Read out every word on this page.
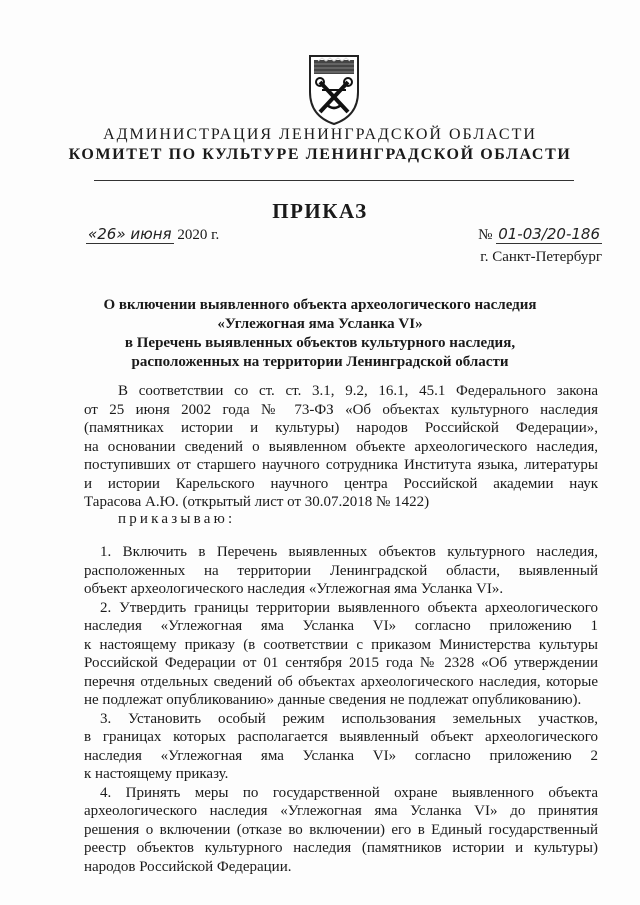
АДМИНИСТРАЦИЯ ЛЕНИНГРАДСКОЙ ОБЛАСТИ
КОМИТЕТ ПО КУЛЬТУРЕ ЛЕНИНГРАДСКОЙ ОБЛАСТИ
ПРИКАЗ
«26» июня 2020 г.	№ 01-03/20-186
г. Санкт-Петербург
О включении выявленного объекта археологического наследия
«Углежогная яма Усланка VI»
в Перечень выявленных объектов культурного наследия,
расположенных на территории Ленинградской области

В соответствии со ст. ст. 3.1, 9.2, 16.1, 45.1 Федерального закона

от 25 июня 2002 года № 73-ФЗ «Об объектах культурного наследия

(памятниках истории и культуры) народов Российской Федерации»,

на основании сведений о выявленном объекте археологического наследия,

поступивших от старшего научного сотрудника Института языка, литературы

и истории Карельского научного центра Российской академии наук

Тарасова А.Ю. (открытый лист от 30.07.2018 № 1422)

приказываю:

1. Включить в Перечень выявленных объектов культурного наследия,

расположенных на территории Ленинградской области, выявленный

объект археологического наследия «Углежогная яма Усланка VI».

2. Утвердить границы территории выявленного объекта археологического

наследия «Углежогная яма Усланка VI» согласно приложению 1

к настоящему приказу (в соответствии с приказом Министерства культуры

Российской Федерации от 01 сентября 2015 года № 2328 «Об утверждении

перечня отдельных сведений об объектах археологического наследия, которые

не подлежат опубликованию» данные сведения не подлежат опубликованию).

3. Установить особый режим использования земельных участков,

в границах которых располагается выявленный объект археологического

наследия «Углежогная яма Усланка VI» согласно приложению 2

к настоящему приказу.

4. Принять меры по государственной охране выявленного объекта

археологического наследия «Углежогная яма Усланка VI» до принятия

решения о включении (отказе во включении) его в Единый государственный

реестр объектов культурного наследия (памятников истории и культуры)

народов Российской Федерации.
